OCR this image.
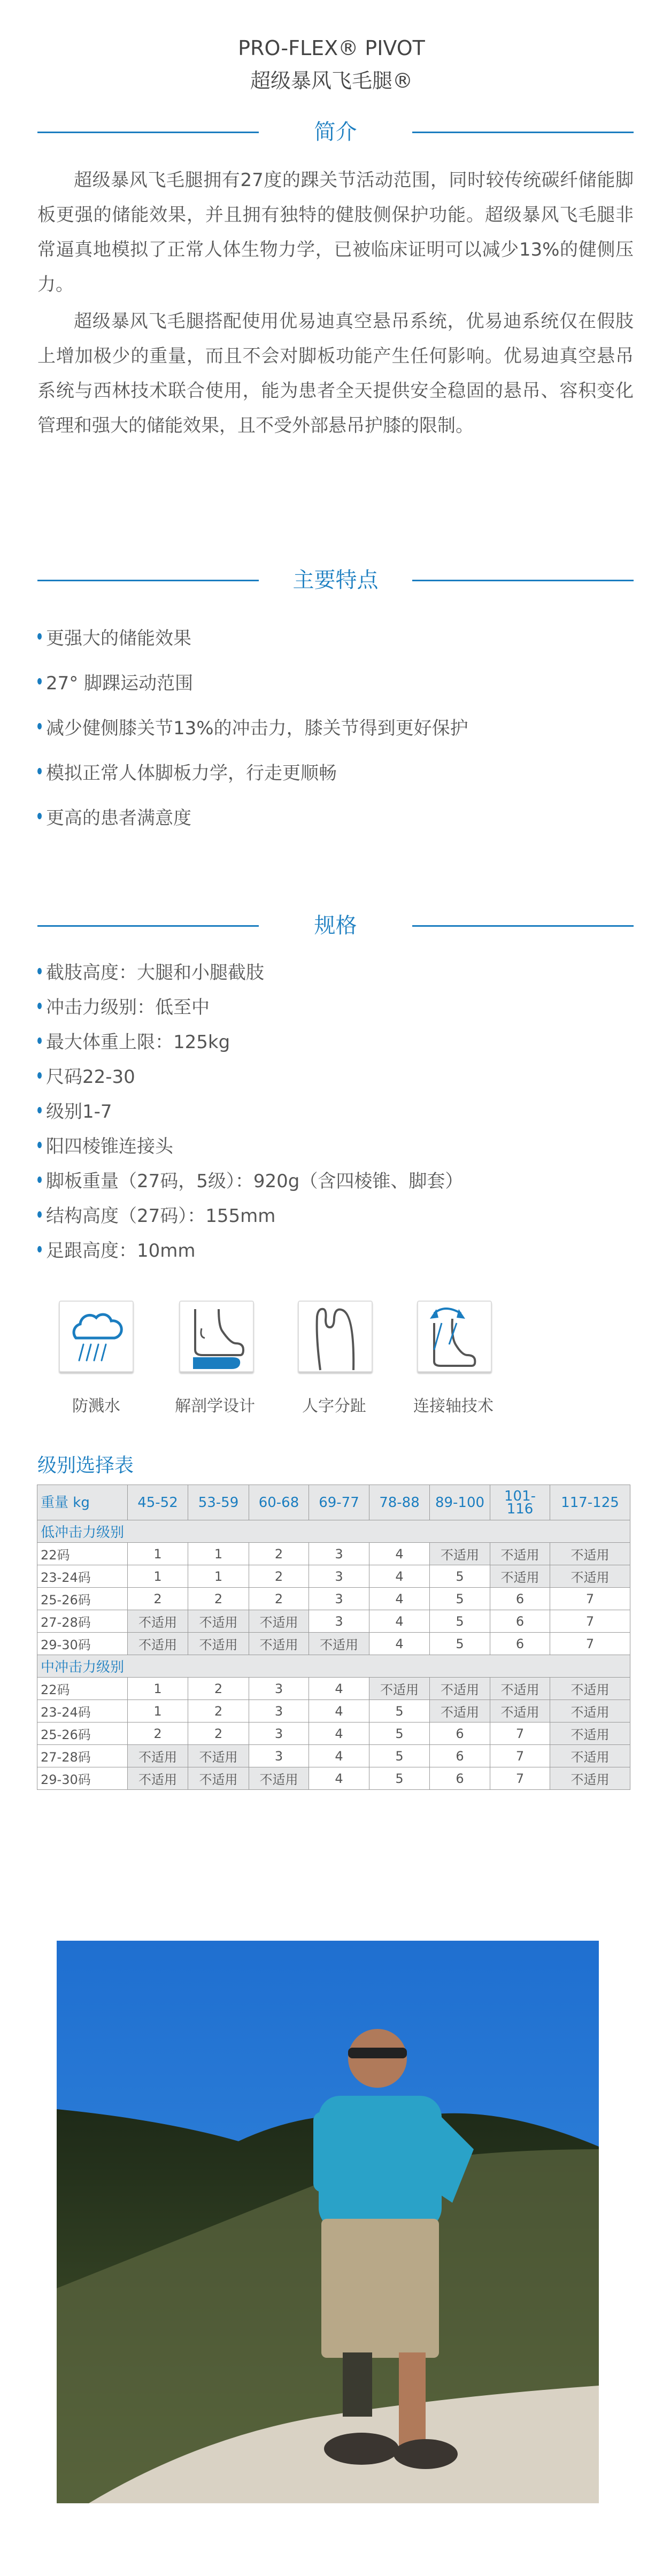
PRO-FLEX® PIVOT
超级暴风飞毛腿®
简介
超级暴风飞毛腿拥有27度的踝关节活动范围，同时较传统碳纤储能脚板更强的储能效果，并且拥有独特的健肢侧保护功能。超级暴风飞毛腿非常逼真地模拟了正常人体生物力学，已被临床证明可以减少13%的健侧压力。
超级暴风飞毛腿搭配使用优易迪真空悬吊系统，优易迪系统仅在假肢上增加极少的重量，而且不会对脚板功能产生任何影响。优易迪真空悬吊系统与西林技术联合使用，能为患者全天提供安全稳固的悬吊、容积变化管理和强大的储能效果，且不受外部悬吊护膝的限制。
主要特点
更强大的储能效果
27° 脚踝运动范围
减少健侧膝关节13%的冲击力，膝关节得到更好保护
模拟正常人体脚板力学，行走更顺畅
更高的患者满意度
规格
截肢高度：大腿和小腿截肢
冲击力级别：低至中
最大体重上限：125kg
尺码22-30
级别1-7
阳四棱锥连接头
脚板重量（27码，5级）：920g（含四棱锥、脚套）
结构高度（27码）：155mm
足跟高度：10mm
防溅水	解剖学设计	人字分趾	连接轴技术
级别选择表
重量 kg	45-52	53-59	60-68	69-77	78-88	89-100	101-116	117-125
低冲击力级别								
22码	1	1	2	3	4	不适用	不适用	不适用
23-24码	1	1	2	3	4	5	不适用	不适用
25-26码	2	2	2	3	4	5	6	7
27-28码	不适用	不适用	不适用	3	4	5	6	7
29-30码	不适用	不适用	不适用	不适用	4	5	6	7
中冲击力级别								
22码	1	2	3	4	不适用	不适用	不适用	不适用
23-24码	1	2	3	4	5	不适用	不适用	不适用
25-26码	2	2	3	4	5	6	7	不适用
27-28码	不适用	不适用	3	4	5	6	7	不适用
29-30码	不适用	不适用	不适用	4	5	6	7	不适用
